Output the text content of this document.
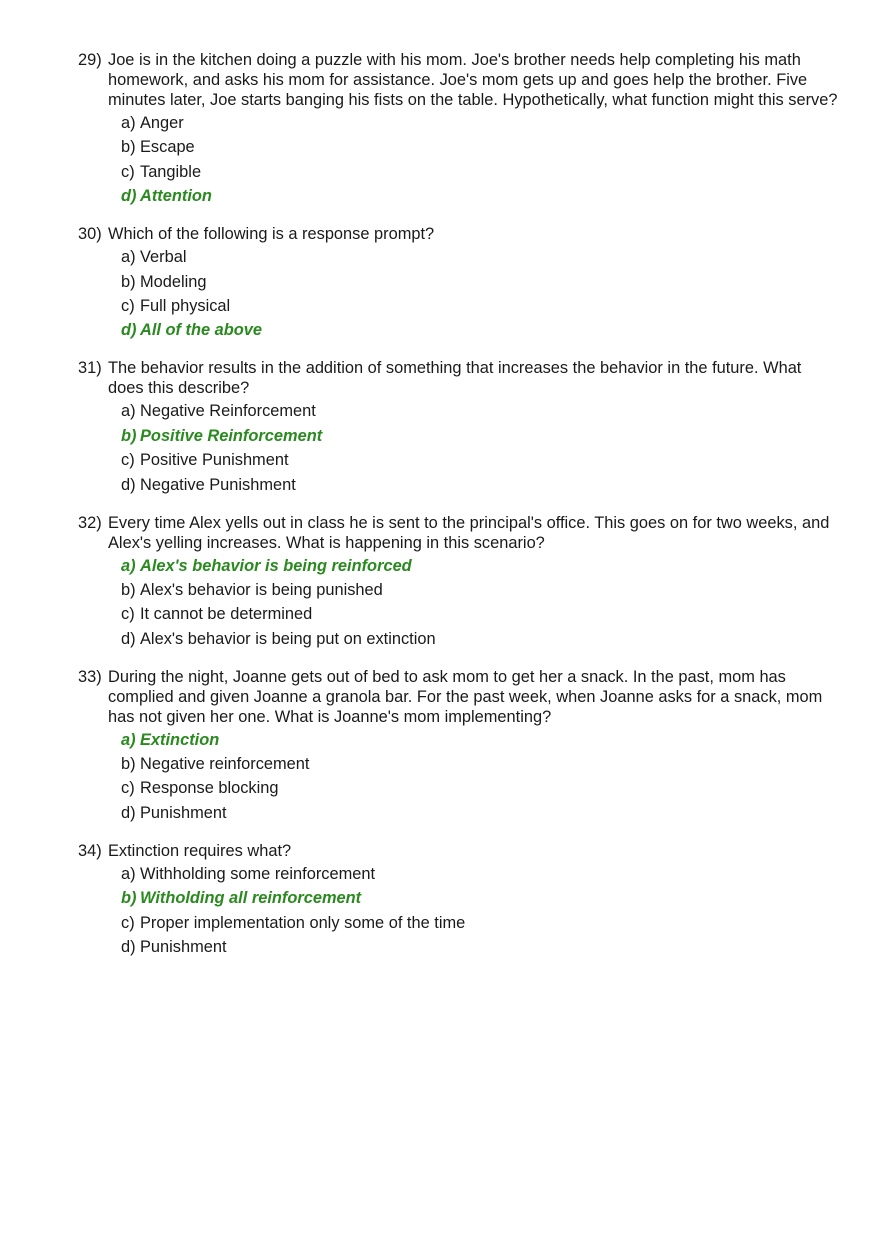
29) Joe is in the kitchen doing a puzzle with his mom. Joe's brother needs help completing his math homework, and asks his mom for assistance. Joe's mom gets up and goes help the brother. Five minutes later, Joe starts banging his fists on the table. Hypothetically, what function might this serve?
a) Anger
b) Escape
c) Tangible
d) Attention
30) Which of the following is a response prompt?
a) Verbal
b) Modeling
c) Full physical
d) All of the above
31) The behavior results in the addition of something that increases the behavior in the future. What does this describe?
a) Negative Reinforcement
b) Positive Reinforcement
c) Positive Punishment
d) Negative Punishment
32) Every time Alex yells out in class he is sent to the principal's office. This goes on for two weeks, and Alex's yelling increases. What is happening in this scenario?
a) Alex's behavior is being reinforced
b) Alex's behavior is being punished
c) It cannot be determined
d) Alex's behavior is being put on extinction
33) During the night, Joanne gets out of bed to ask mom to get her a snack. In the past, mom has complied and given Joanne a granola bar. For the past week, when Joanne asks for a snack, mom has not given her one. What is Joanne's mom implementing?
a) Extinction
b) Negative reinforcement
c) Response blocking
d) Punishment
34) Extinction requires what?
a) Withholding some reinforcement
b) Witholding all reinforcement
c) Proper implementation only some of the time
d) Punishment
